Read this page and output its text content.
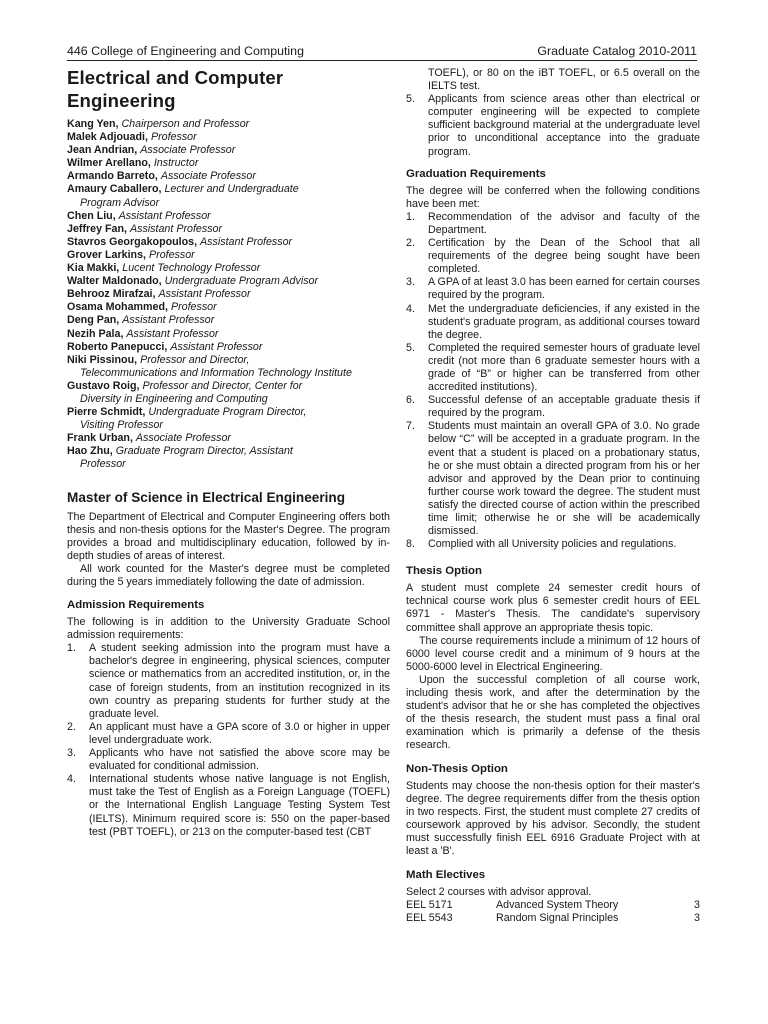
446 College of Engineering and Computing	Graduate Catalog 2010-2011
Electrical and Computer Engineering
Kang Yen, Chairperson and Professor
Malek Adjouadi, Professor
Jean Andrian, Associate Professor
Wilmer Arellano, Instructor
Armando Barreto, Associate Professor
Amaury Caballero, Lecturer and Undergraduate
Program Advisor
Chen Liu, Assistant Professor
Jeffrey Fan, Assistant Professor
Stavros Georgakopoulos, Assistant Professor
Grover Larkins, Professor
Kia Makki, Lucent Technology Professor
Walter Maldonado, Undergraduate Program Advisor
Behrooz Mirafzai, Assistant Professor
Osama Mohammed, Professor
Deng Pan, Assistant Professor
Nezih Pala, Assistant Professor
Roberto Panepucci, Assistant Professor
Niki Pissinou, Professor and Director,
Telecommunications and Information Technology Institute
Gustavo Roig, Professor and Director, Center for
Diversity in Engineering and Computing
Pierre Schmidt, Undergraduate Program Director,
Visiting Professor
Frank Urban, Associate Professor
Hao Zhu, Graduate Program Director, Assistant
Professor
Master of Science in Electrical Engineering

The Department of Electrical and Computer Engineering offers both thesis and non-thesis options for the Master's Degree. The program provides a broad and multidisciplinary education, followed by in-depth studies of areas of interest.

All work counted for the Master's degree must be completed during the 5 years immediately following the date of admission.

Admission Requirements

The following is in addition to the University Graduate School admission requirements:

1. A student seeking admission into the program must have a bachelor's degree in engineering, physical sciences, computer science or mathematics from an accredited institution, or, in the case of foreign students, from an institution recognized in its own country as preparing students for further study at the graduate level.
2. An applicant must have a GPA score of 3.0 or higher in upper level undergraduate work.
3. Applicants who have not satisfied the above score may be evaluated for conditional admission.
4. International students whose native language is not English, must take the Test of English as a Foreign Language (TOEFL) or the International English Language Testing System Test (IELTS). Minimum required score is: 550 on the paper-based test (PBT TOEFL), or 213 on the computer-based test (CBT

TOEFL), or 80 on the iBT TOEFL, or 6.5 overall on the IELTS test.

5. Applicants from science areas other than electrical or computer engineering will be expected to complete sufficient background material at the undergraduate level prior to unconditional acceptance into the graduate program.
Graduation Requirements

The degree will be conferred when the following conditions have been met:

1. Recommendation of the advisor and faculty of the Department.
2. Certification by the Dean of the School that all requirements of the degree being sought have been completed.
3. A GPA of at least 3.0 has been earned for certain courses required by the program.
4. Met the undergraduate deficiencies, if any existed in the student's graduate program, as additional courses toward the degree.
5. Completed the required semester hours of graduate level credit (not more than 6 graduate semester hours with a grade of “B” or higher can be transferred from other accredited institutions).
6. Successful defense of an acceptable graduate thesis if required by the program.
7. Students must maintain an overall GPA of 3.0. No grade below “C” will be accepted in a graduate program. In the event that a student is placed on a probationary status, he or she must obtain a directed program from his or her advisor and approved by the Dean prior to continuing further course work toward the degree. The student must satisfy the directed course of action within the prescribed time limit; otherwise he or she will be academically dismissed.
8. Complied with all University policies and regulations.
Thesis Option

A student must complete 24 semester credit hours of technical course work plus 6 semester credit hours of EEL 6971 - Master's Thesis. The candidate's supervisory committee shall approve an appropriate thesis topic.

The course requirements include a minimum of 12 hours of 6000 level course credit and a minimum of 9 hours at the 5000-6000 level in Electrical Engineering.

Upon the successful completion of all course work, including thesis work, and after the determination by the student's advisor that he or she has completed the objectives of the thesis research, the student must pass a final oral examination which is primarily a defense of the thesis research.

Non-Thesis Option

Students may choose the non-thesis option for their master's degree. The degree requirements differ from the thesis option in two respects. First, the student must complete 27 credits of coursework approved by his advisor. Secondly, the student must successfully finish EEL 6916 Graduate Project with at least a 'B'.

Math Electives

Select 2 courses with advisor approval.

EEL 5171	Advanced System Theory	3
EEL 5543	Random Signal Principles	3
